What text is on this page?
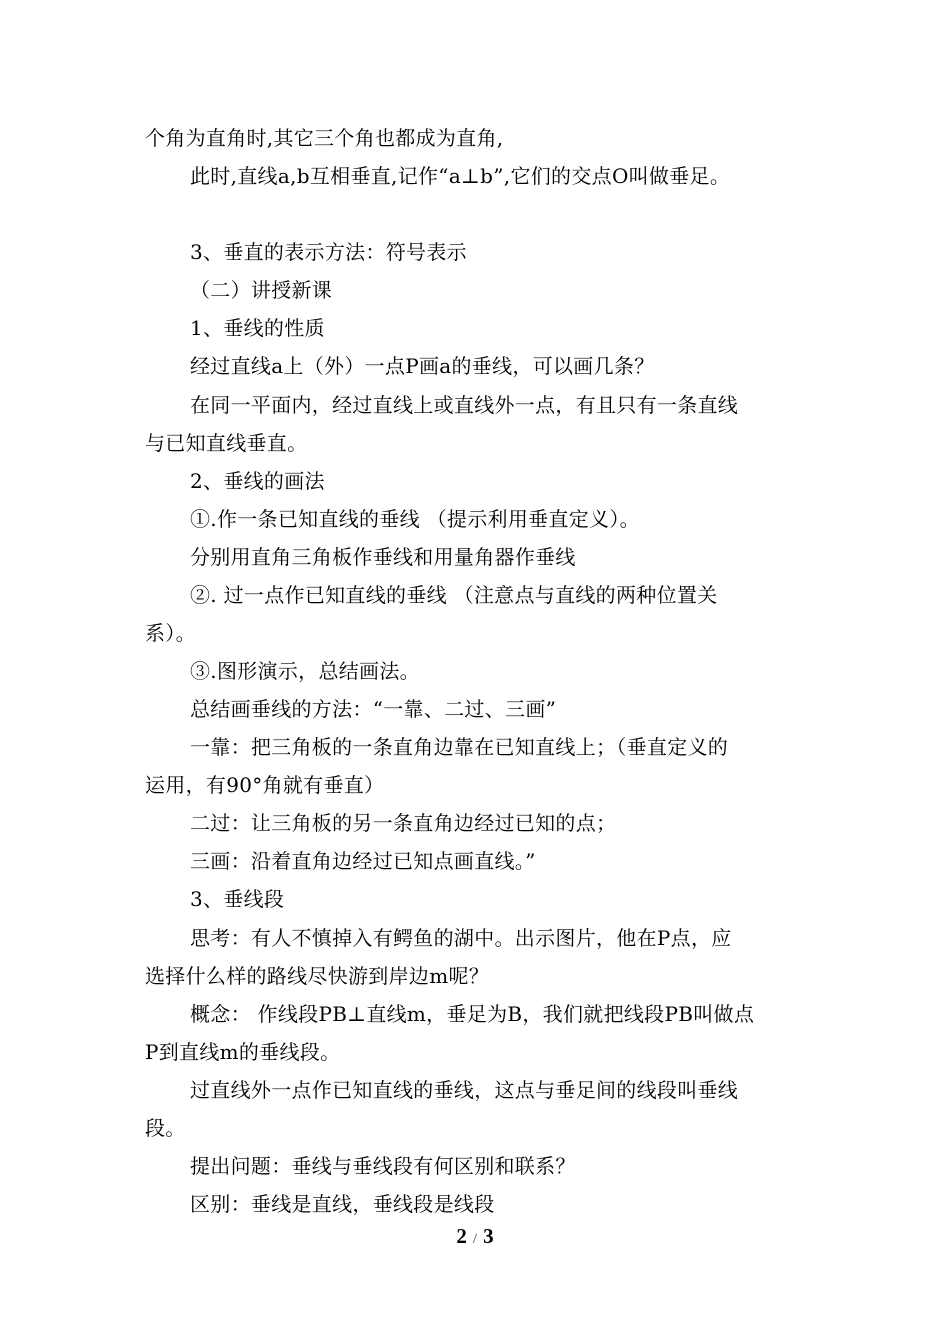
个角为直角时,其它三个角也都成为直角,
此时,直线a,b互相垂直,记作“a⊥b”,它们的交点O叫做垂足。
3、垂直的表示方法：符号表示
（二）讲授新课
1、垂线的性质
经过直线a上（外）一点P画a的垂线，可以画几条？
在同一平面内，经过直线上或直线外一点，有且只有一条直线
与已知直线垂直。
2、垂线的画法
①.作一条已知直线的垂线 （提示利用垂直定义）。
分别用直角三角板作垂线和用量角器作垂线
②. 过一点作已知直线的垂线 （注意点与直线的两种位置关
系）。
③.图形演示，总结画法。
总结画垂线的方法：“一靠、二过、三画”
一靠：把三角板的一条直角边靠在已知直线上；（垂直定义的
运用，有90°角就有垂直）
二过：让三角板的另一条直角边经过已知的点；
三画：沿着直角边经过已知点画直线。”
3、垂线段
思考：有人不慎掉入有鳄鱼的湖中。出示图片，他在P点，应
选择什么样的路线尽快游到岸边m呢？
概念： 作线段PB⊥直线m，垂足为B，我们就把线段PB叫做点
P到直线m的垂线段。
过直线外一点作已知直线的垂线，这点与垂足间的线段叫垂线
段。
提出问题：垂线与垂线段有何区别和联系？
区别：垂线是直线，垂线段是线段
2 / 3
